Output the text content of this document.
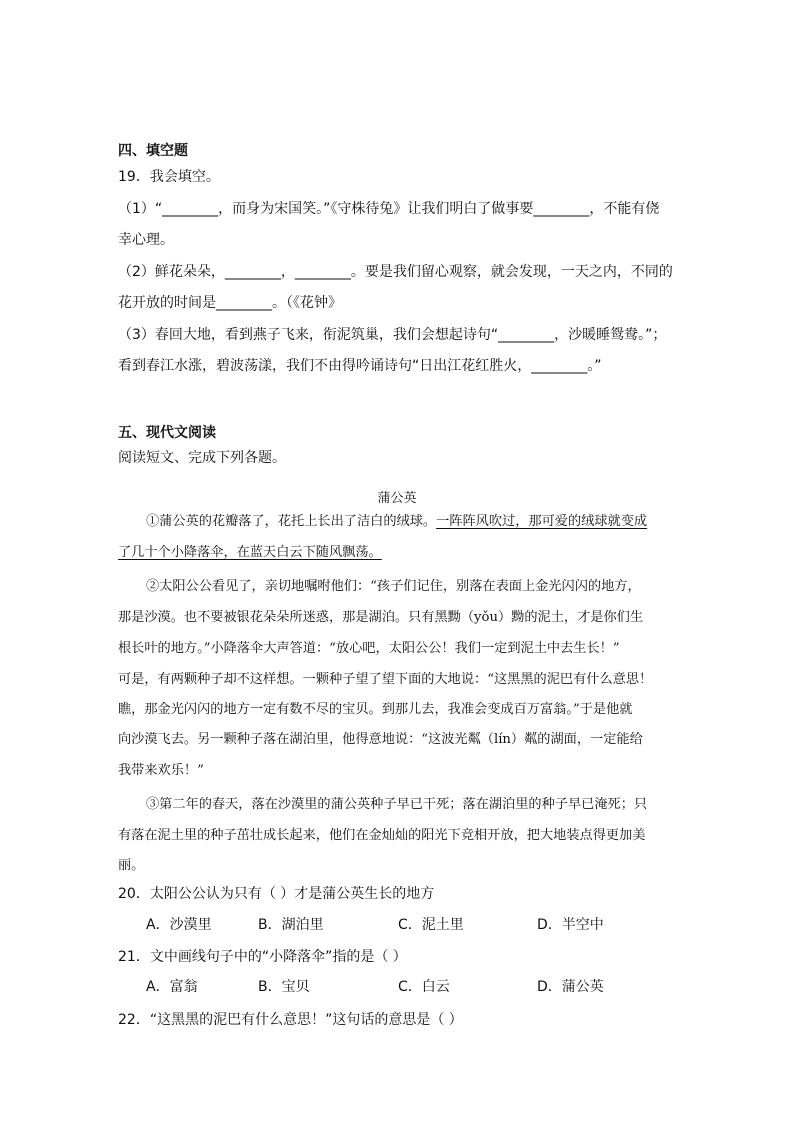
四、填空题
19．我会填空。
（1）“________，而身为宋国笑。”《守株待兔》让我们明白了做事要________，不能有侥
幸心理。
（2）鲜花朵朵，________，________。要是我们留心观察，就会发现，一天之内，不同的
花开放的时间是________。（《花钟》
（3）春回大地，看到燕子飞来，衔泥筑巢，我们会想起诗句“________，沙暖睡鸳鸯。”；
看到春江水涨，碧波荡漾，我们不由得吟诵诗句“日出江花红胜火，________。”
五、现代文阅读
阅读短文、完成下列各题。
蒲公英
①蒲公英的花瓣落了，花托上长出了洁白的绒球。一阵阵风吹过，那可爱的绒球就变成
了几十个小降落伞，在蓝天白云下随风飘荡。
②太阳公公看见了，亲切地嘱咐他们：“孩子们记住，别落在表面上金光闪闪的地方，
那是沙漠。也不要被银花朵朵所迷惑，那是湖泊。只有黑黝（yǒu）黝的泥土，才是你们生
根长叶的地方。”小降落伞大声答道：“放心吧，太阳公公！我们一定到泥土中去生长！”
可是，有两颗种子却不这样想。一颗种子望了望下面的大地说：“这黑黑的泥巴有什么意思！
瞧，那金光闪闪的地方一定有数不尽的宝贝。到那儿去，我准会变成百万富翁。”于是他就
向沙漠飞去。另一颗种子落在湖泊里，他得意地说：“这波光粼（lín）粼的湖面，一定能给
我带来欢乐！”
③第二年的春天，落在沙漠里的蒲公英种子早已干死；落在湖泊里的种子早已淹死；只
有落在泥土里的种子茁壮成长起来，他们在金灿灿的阳光下竞相开放，把大地装点得更加美
丽。
20．太阳公公认为只有（ ）才是蒲公英生长的地方
A．沙漠里	B．湖泊里	C．泥土里	D．半空中
21．文中画线句子中的“小降落伞”指的是（ ）
A．富翁	B．宝贝	C．白云	D．蒲公英
22．“这黑黑的泥巴有什么意思！”这句话的意思是（ ）
